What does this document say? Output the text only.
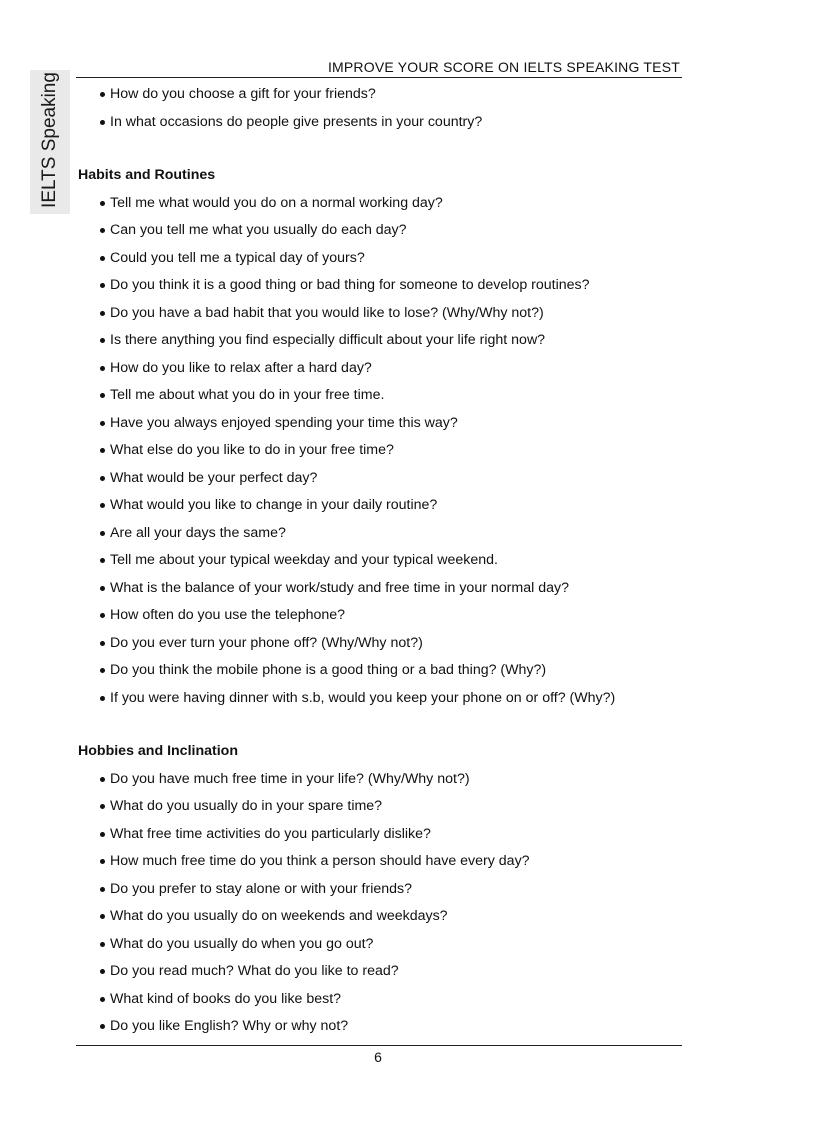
IELTS Speaking
IMPROVE YOUR SCORE ON IELTS SPEAKING TEST
How do you choose a gift for your friends?
In what occasions do people give presents in your country?
Habits and Routines
Tell me what would you do on a normal working day?
Can you tell me what you usually do each day?
Could you tell me a typical day of yours?
Do you think it is a good thing or bad thing for someone to develop routines?
Do you have a bad habit that you would like to lose? (Why/Why not?)
Is there anything you find especially difficult about your life right now?
How do you like to relax after a hard day?
Tell me about what you do in your free time.
Have you always enjoyed spending your time this way?
What else do you like to do in your free time?
What would be your perfect day?
What would you like to change in your daily routine?
Are all your days the same?
Tell me about your typical weekday and your typical weekend.
What is the balance of your work/study and free time in your normal day?
How often do you use the telephone?
Do you ever turn your phone off? (Why/Why not?)
Do you think the mobile phone is a good thing or a bad thing? (Why?)
If you were having dinner with s.b, would you keep your phone on or off? (Why?)
Hobbies and Inclination
Do you have much free time in your life? (Why/Why not?)
What do you usually do in your spare time?
What free time activities do you particularly dislike?
How much free time do you think a person should have every day?
Do you prefer to stay alone or with your friends?
What do you usually do on weekends and weekdays?
What do you usually do when you go out?
Do you read much? What do you like to read?
What kind of books do you like best?
Do you like English? Why or why not?
6
